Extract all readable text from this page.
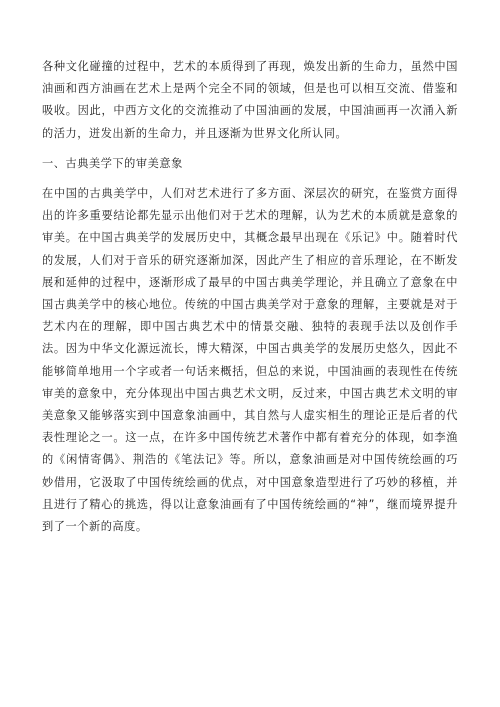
各种文化碰撞的过程中，艺术的本质得到了再现，焕发出新的生命力，虽然中国油画和西方油画在艺术上是两个完全不同的领域，但是也可以相互交流、借鉴和吸收。因此，中西方文化的交流推动了中国油画的发展，中国油画再一次涌入新的活力，迸发出新的生命力，并且逐渐为世界文化所认同。

一、古典美学下的审美意象

在中国的古典美学中，人们对艺术进行了多方面、深层次的研究，在鉴赏方面得出的许多重要结论都先显示出他们对于艺术的理解，认为艺术的本质就是意象的审美。在中国古典美学的发展历史中，其概念最早出现在《乐记》中。随着时代的发展，人们对于音乐的研究逐渐加深，因此产生了相应的音乐理论，在不断发展和延伸的过程中，逐渐形成了最早的中国古典美学理论，并且确立了意象在中国古典美学中的核心地位。传统的中国古典美学对于意象的理解，主要就是对于艺术内在的理解，即中国古典艺术中的情景交融、独特的表现手法以及创作手法。因为中华文化源远流长，博大精深，中国古典美学的发展历史悠久，因此不能够简单地用一个字或者一句话来概括，但总的来说，中国油画的表现性在传统审美的意象中，充分体现出中国古典艺术文明，反过来，中国古典艺术文明的审美意象又能够落实到中国意象油画中，其自然与人虚实相生的理论正是后者的代表性理论之一。这一点，在许多中国传统艺术著作中都有着充分的体现，如李渔的《闲情寄偶》、荆浩的《笔法记》等。所以，意象油画是对中国传统绘画的巧妙借用，它汲取了中国传统绘画的优点，对中国意象造型进行了巧妙的移植，并且进行了精心的挑选，得以让意象油画有了中国传统绘画的“神”，继而境界提升到了一个新的高度。
